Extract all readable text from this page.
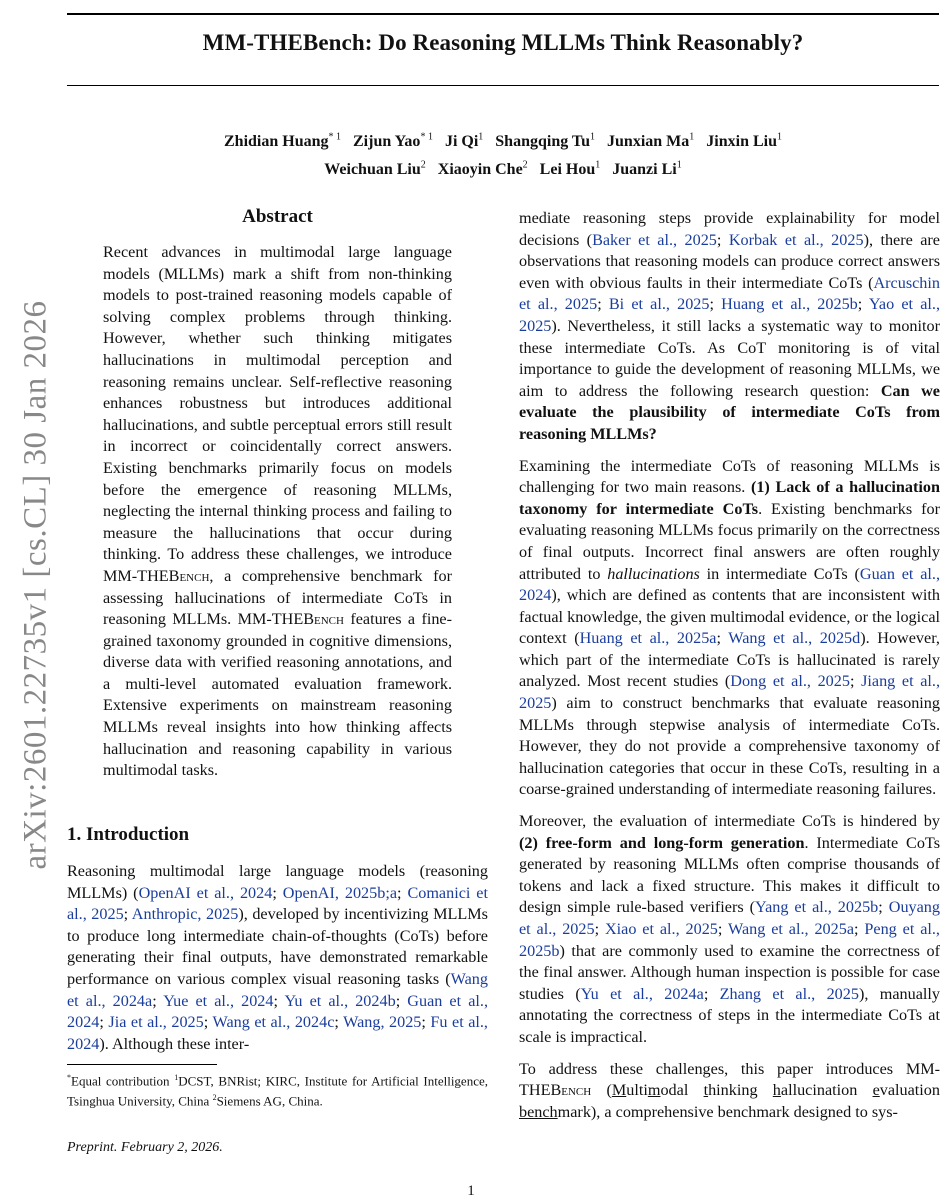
arXiv:2601.22735v1 [cs.CL] 30 Jan 2026
MM-THEBench: Do Reasoning MLLMs Think Reasonably?
Zhidian Huang$^{* 1}$ Zijun Yao$^{* 1}$ Ji Qi$^1$ Shangqing Tu$^1$ Junxian Ma$^1$ Jinxin Liu$^1$
Weichuan Liu$^2$ Xiaoyin Che$^2$ Lei Hou$^1$ Juanzi Li$^1$
Abstract

Recent advances in multimodal large language models (MLLMs) mark a shift from non-thinking models to post-trained reasoning models capable of solving complex problems through thinking. However, whether such thinking mitigates hallucinations in multimodal perception and reasoning remains unclear. Self-reflective reasoning enhances robustness but introduces additional hallucinations, and subtle perceptual errors still result in incorrect or coincidentally correct answers. Existing benchmarks primarily focus on models before the emergence of reasoning MLLMs, neglecting the internal thinking process and failing to measure the hallucinations that occur during thinking. To address these challenges, we introduce MM-THEBench, a comprehensive benchmark for assessing hallucinations of intermediate CoTs in reasoning MLLMs. MM-THEBench features a fine-grained taxonomy grounded in cognitive dimensions, diverse data with verified reasoning annotations, and a multi-level automated evaluation framework. Extensive experiments on mainstream reasoning MLLMs reveal insights into how thinking affects hallucination and reasoning capability in various multimodal tasks.

1. Introduction

Reasoning multimodal large language models (reasoning MLLMs) (OpenAI et al., 2024; OpenAI, 2025b;a; Comanici et al., 2025; Anthropic, 2025), developed by incentivizing MLLMs to produce long intermediate chain-of-thoughts (CoTs) before generating their final outputs, have demonstrated remarkable performance on various complex visual reasoning tasks (Wang et al., 2024a; Yue et al., 2024; Yu et al., 2024b; Guan et al., 2024; Jia et al., 2025; Wang et al., 2024c; Wang, 2025; Fu et al., 2024). Although these inter-

*Equal contribution $^1$DCST, BNRist; KIRC, Institute for Artificial Intelligence, Tsinghua University, China $^2$Siemens AG, China.

Preprint. February 2, 2026.

mediate reasoning steps provide explainability for model decisions (Baker et al., 2025; Korbak et al., 2025), there are observations that reasoning models can produce correct answers even with obvious faults in their intermediate CoTs (Arcuschin et al., 2025; Bi et al., 2025; Huang et al., 2025b; Yao et al., 2025). Nevertheless, it still lacks a systematic way to monitor these intermediate CoTs. As CoT monitoring is of vital importance to guide the development of reasoning MLLMs, we aim to address the following research question: Can we evaluate the plausibility of intermediate CoTs from reasoning MLLMs?

Examining the intermediate CoTs of reasoning MLLMs is challenging for two main reasons. (1) Lack of a hallucination taxonomy for intermediate CoTs. Existing benchmarks for evaluating reasoning MLLMs focus primarily on the correctness of final outputs. Incorrect final answers are often roughly attributed to hallucinations in intermediate CoTs (Guan et al., 2024), which are defined as contents that are inconsistent with factual knowledge, the given multimodal evidence, or the logical context (Huang et al., 2025a; Wang et al., 2025d). However, which part of the intermediate CoTs is hallucinated is rarely analyzed. Most recent studies (Dong et al., 2025; Jiang et al., 2025) aim to construct benchmarks that evaluate reasoning MLLMs through stepwise analysis of intermediate CoTs. However, they do not provide a comprehensive taxonomy of hallucination categories that occur in these CoTs, resulting in a coarse-grained understanding of intermediate reasoning failures.

Moreover, the evaluation of intermediate CoTs is hindered by (2) free-form and long-form generation. Intermediate CoTs generated by reasoning MLLMs often comprise thousands of tokens and lack a fixed structure. This makes it difficult to design simple rule-based verifiers (Yang et al., 2025b; Ouyang et al., 2025; Xiao et al., 2025; Wang et al., 2025a; Peng et al., 2025b) that are commonly used to examine the correctness of the final answer. Although human inspection is possible for case studies (Yu et al., 2024a; Zhang et al., 2025), manually annotating the correctness of steps in the intermediate CoTs at scale is impractical.

To address these challenges, this paper introduces MM-THEBench (Multimodal thinking hallucination evaluation benchmark), a comprehensive benchmark designed to sys-

1
